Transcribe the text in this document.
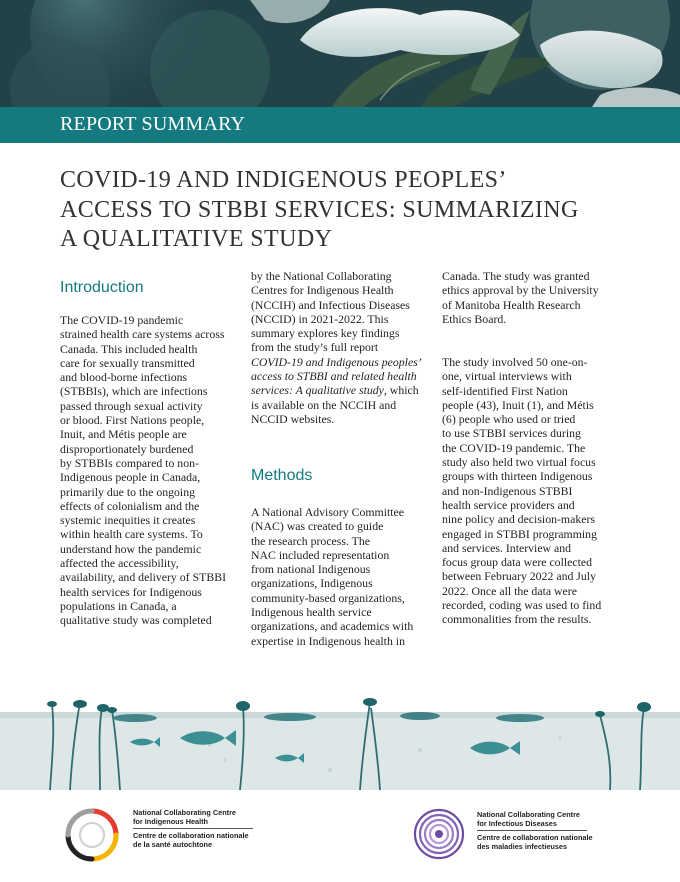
REPORT SUMMARY
COVID-19 AND INDIGENOUS PEOPLES’
ACCESS TO STBBI SERVICES: SUMMARIZING
A QUALITATIVE STUDY
Introduction
The COVID-19 pandemic
strained health care systems across
Canada. This included health
care for sexually transmitted
and blood-borne infections
(STBBIs), which are infections
passed through sexual activity
or blood. First Nations people,
Inuit, and Métis people are
disproportionately burdened
by STBBIs compared to non-
Indigenous people in Canada,
primarily due to the ongoing
effects of colonialism and the
systemic inequities it creates
within health care systems. To
understand how the pandemic
affected the accessibility,
availability, and delivery of STBBI
health services for Indigenous
populations in Canada, a
qualitative study was completed
by the National Collaborating
Centres for Indigenous Health
(NCCIH) and Infectious Diseases
(NCCID) in 2021-2022. This
summary explores key findings
from the study’s full report
COVID-19 and Indigenous peoples’
access to STBBI and related health
services: A qualitative study, which
is available on the NCCIH and
NCCID websites.
Methods
A National Advisory Committee
(NAC) was created to guide
the research process. The
NAC included representation
from national Indigenous
organizations, Indigenous
community-based organizations,
Indigenous health service
organizations, and academics with
expertise in Indigenous health in
Canada. The study was granted
ethics approval by the University
of Manitoba Health Research
Ethics Board.
The study involved 50 one-on-
one, virtual interviews with
self-identified First Nation
people (43), Inuit (1), and Métis
(6) people who used or tried
to use STBBI services during
the COVID-19 pandemic. The
study also held two virtual focus
groups with thirteen Indigenous
and non-Indigenous STBBI
health service providers and
nine policy and decision-makers
engaged in STBBI programming
and services. Interview and
focus group data were collected
between February 2022 and July
2022. Once all the data were
recorded, coding was used to find
commonalities from the results.
National Collaborating Centre
for Indigenous Health
Centre de collaboration nationale
de la santé autochtone
National Collaborating Centre
for Infectious Diseases
Centre de collaboration nationale
des maladies infectieuses
